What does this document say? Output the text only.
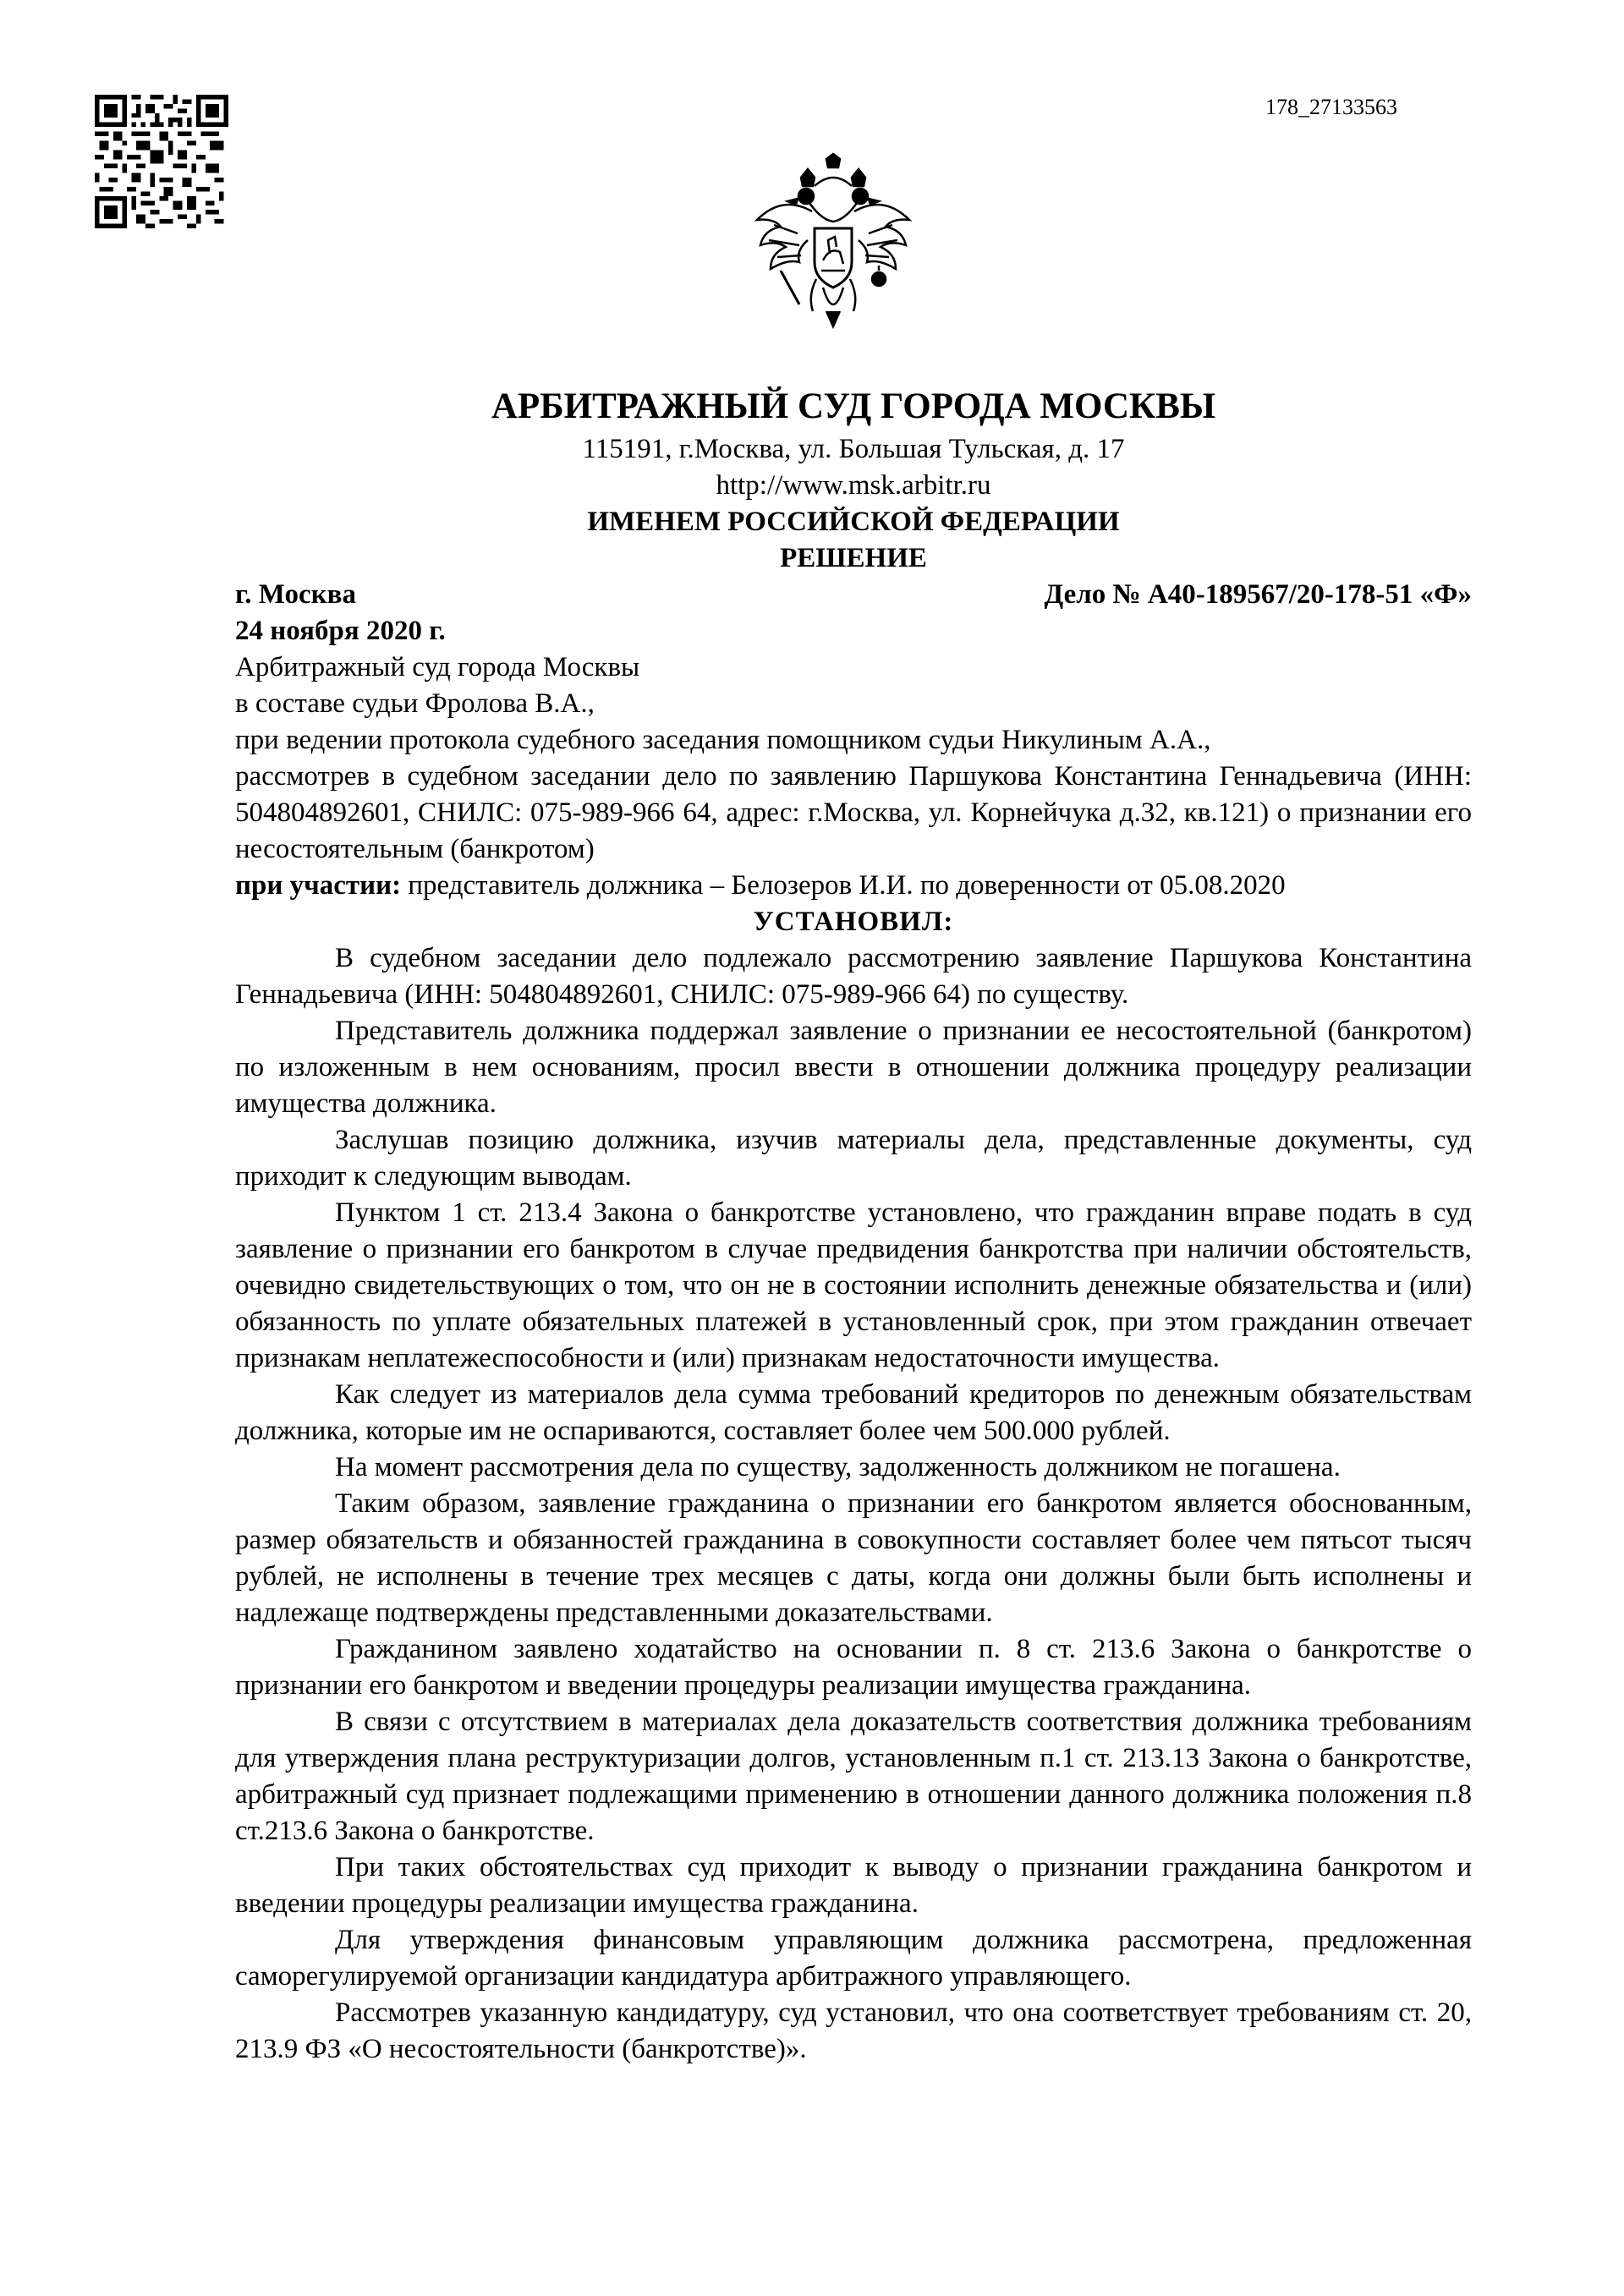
178_27133563
АРБИТРАЖНЫЙ СУД ГОРОДА МОСКВЫ
115191, г.Москва, ул. Большая Тульская, д. 17
http://www.msk.arbitr.ru
ИМЕНЕМ РОССИЙСКОЙ ФЕДЕРАЦИИ
РЕШЕНИЕ
г. Москва	Дело № А40-189567/20-178-51 «Ф»
24 ноября 2020 г.
Арбитражный суд города Москвы
в составе судьи Фролова В.А.,
при ведении протокола судебного заседания помощником судьи Никулиным А.А.,
рассмотрев в судебном заседании дело по заявлению Паршукова Константина Геннадьевича (ИНН: 504804892601, СНИЛС: 075-989-966 64, адрес: г.Москва, ул. Корнейчука д.32, кв.121) о признании его несостоятельным (банкротом)
при участии: представитель должника – Белозеров И.И. по доверенности от 05.08.2020
УСТАНОВИЛ:

В судебном заседании дело подлежало рассмотрению заявление Паршукова Константина Геннадьевича (ИНН: 504804892601, СНИЛС: 075-989-966 64) по существу.

Представитель должника поддержал заявление о признании ее несостоятельной (банкротом) по изложенным в нем основаниям, просил ввести в отношении должника процедуру реализации имущества должника.

Заслушав позицию должника, изучив материалы дела, представленные документы, суд приходит к следующим выводам.

Пунктом 1 ст. 213.4 Закона о банкротстве установлено, что гражданин вправе подать в суд заявление о признании его банкротом в случае предвидения банкротства при наличии обстоятельств, очевидно свидетельствующих о том, что он не в состоянии исполнить денежные обязательства и (или) обязанность по уплате обязательных платежей в установленный срок, при этом гражданин отвечает признакам неплатежеспособности и (или) признакам недостаточности имущества.

Как следует из материалов дела сумма требований кредиторов по денежным обязательствам должника, которые им не оспариваются, составляет более чем 500.000 рублей.

На момент рассмотрения дела по существу, задолженность должником не погашена.

Таким образом, заявление гражданина о признании его банкротом является обоснованным, размер обязательств и обязанностей гражданина в совокупности составляет более чем пятьсот тысяч рублей, не исполнены в течение трех месяцев с даты, когда они должны были быть исполнены и надлежаще подтверждены представленными доказательствами.

Гражданином заявлено ходатайство на основании п. 8 ст. 213.6 Закона о банкротстве о признании его банкротом и введении процедуры реализации имущества гражданина.

В связи с отсутствием в материалах дела доказательств соответствия должника требованиям для утверждения плана реструктуризации долгов, установленным п.1 ст. 213.13 Закона о банкротстве, арбитражный суд признает подлежащими применению в отношении данного должника положения п.8 ст.213.6 Закона о банкротстве.

При таких обстоятельствах суд приходит к выводу о признании гражданина банкротом и введении процедуры реализации имущества гражданина.

Для утверждения финансовым управляющим должника рассмотрена, предложенная саморегулируемой организации кандидатура арбитражного управляющего.

Рассмотрев указанную кандидатуру, суд установил, что она соответствует требованиям ст. 20, 213.9 ФЗ «О несостоятельности (банкротстве)».
